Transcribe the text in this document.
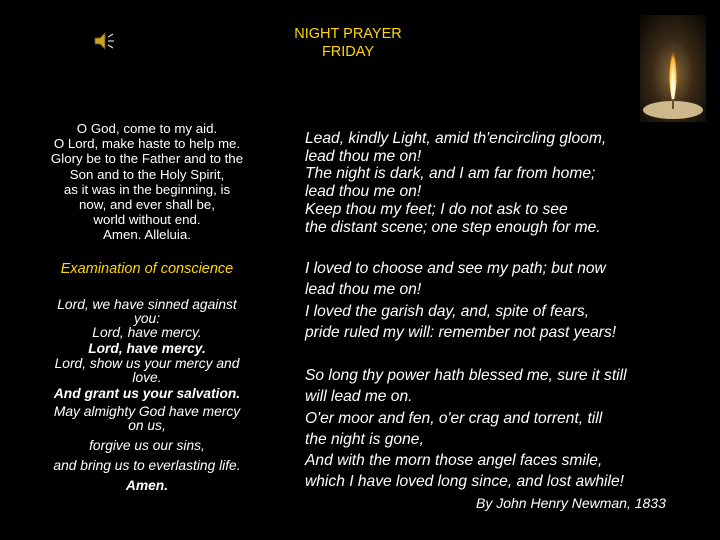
NIGHT PRAYER
FRIDAY
O God, come to my aid.
O Lord, make haste to help me.
Glory be to the Father and to the
Son and to the Holy Spirit,
as it was in the beginning, is
now, and ever shall be,
world without end.
Amen. Alleluia.
Examination of conscience
Lord, we have sinned against
you:
Lord, have mercy.
Lord, have mercy.
Lord, show us your mercy and
love.
And grant us your salvation.
May almighty God have mercy
on us,
forgive us our sins,
and bring us to everlasting life.
Amen.
Lead, kindly Light, amid th'encircling gloom,
lead thou me on!
The night is dark, and I am far from home;
lead thou me on!
Keep thou my feet; I do not ask to see
the distant scene; one step enough for me.
I loved to choose and see my path; but now
lead thou me on!
I loved the garish day, and, spite of fears,
pride ruled my will: remember not past years!
So long thy power hath blessed me, sure it still
will lead me on.
O'er moor and fen, o'er crag and torrent, till
the night is gone,
And with the morn those angel faces smile,
which I have loved long since, and lost awhile!
By John Henry Newman, 1833
